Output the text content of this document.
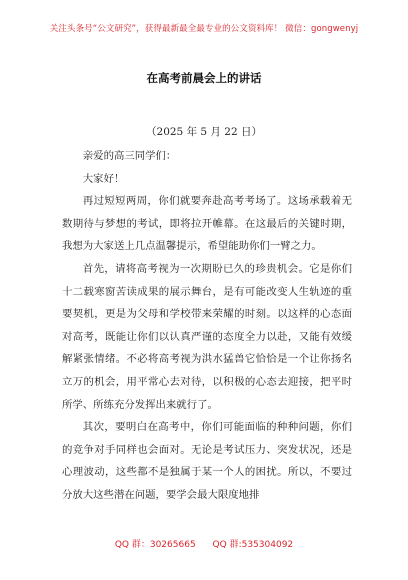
关注头条号“公文研究”，获得最新最全最专业的公文资料库！ 微信：gongwenyj
在高考前晨会上的讲话
（2025 年 5 月 22 日）

亲爱的高三同学们：

大家好！

再过短短两周，你们就要奔赴高考考场了。这场承载着无数期待与梦想的考试，即将拉开帷幕。在这最后的关键时期，我想为大家送上几点温馨提示，希望能助你们一臂之力。

首先，请将高考视为一次期盼已久的珍贵机会。它是你们十二载寒窗苦读成果的展示舞台，是有可能改变人生轨迹的重要契机，更是为父母和学校带来荣耀的时刻。以这样的心态面对高考，既能让你们以认真严谨的态度全力以赴，又能有效缓解紧张情绪。不必将高考视为洪水猛兽它恰恰是一个让你扬名立万的机会，用平常心去对待，以积极的心态去迎接，把平时所学、所练充分发挥出来就行了。

其次，要明白在高考中，你们可能面临的种种问题，你们的竞争对手同样也会面对。无论是考试压力、突发状况，还是心理波动，这些都不是独属于某一个人的困扰。所以，不要过分放大这些潜在问题，要学会最大限度地排

QQ 群：30265665 QQ 群:535304092
